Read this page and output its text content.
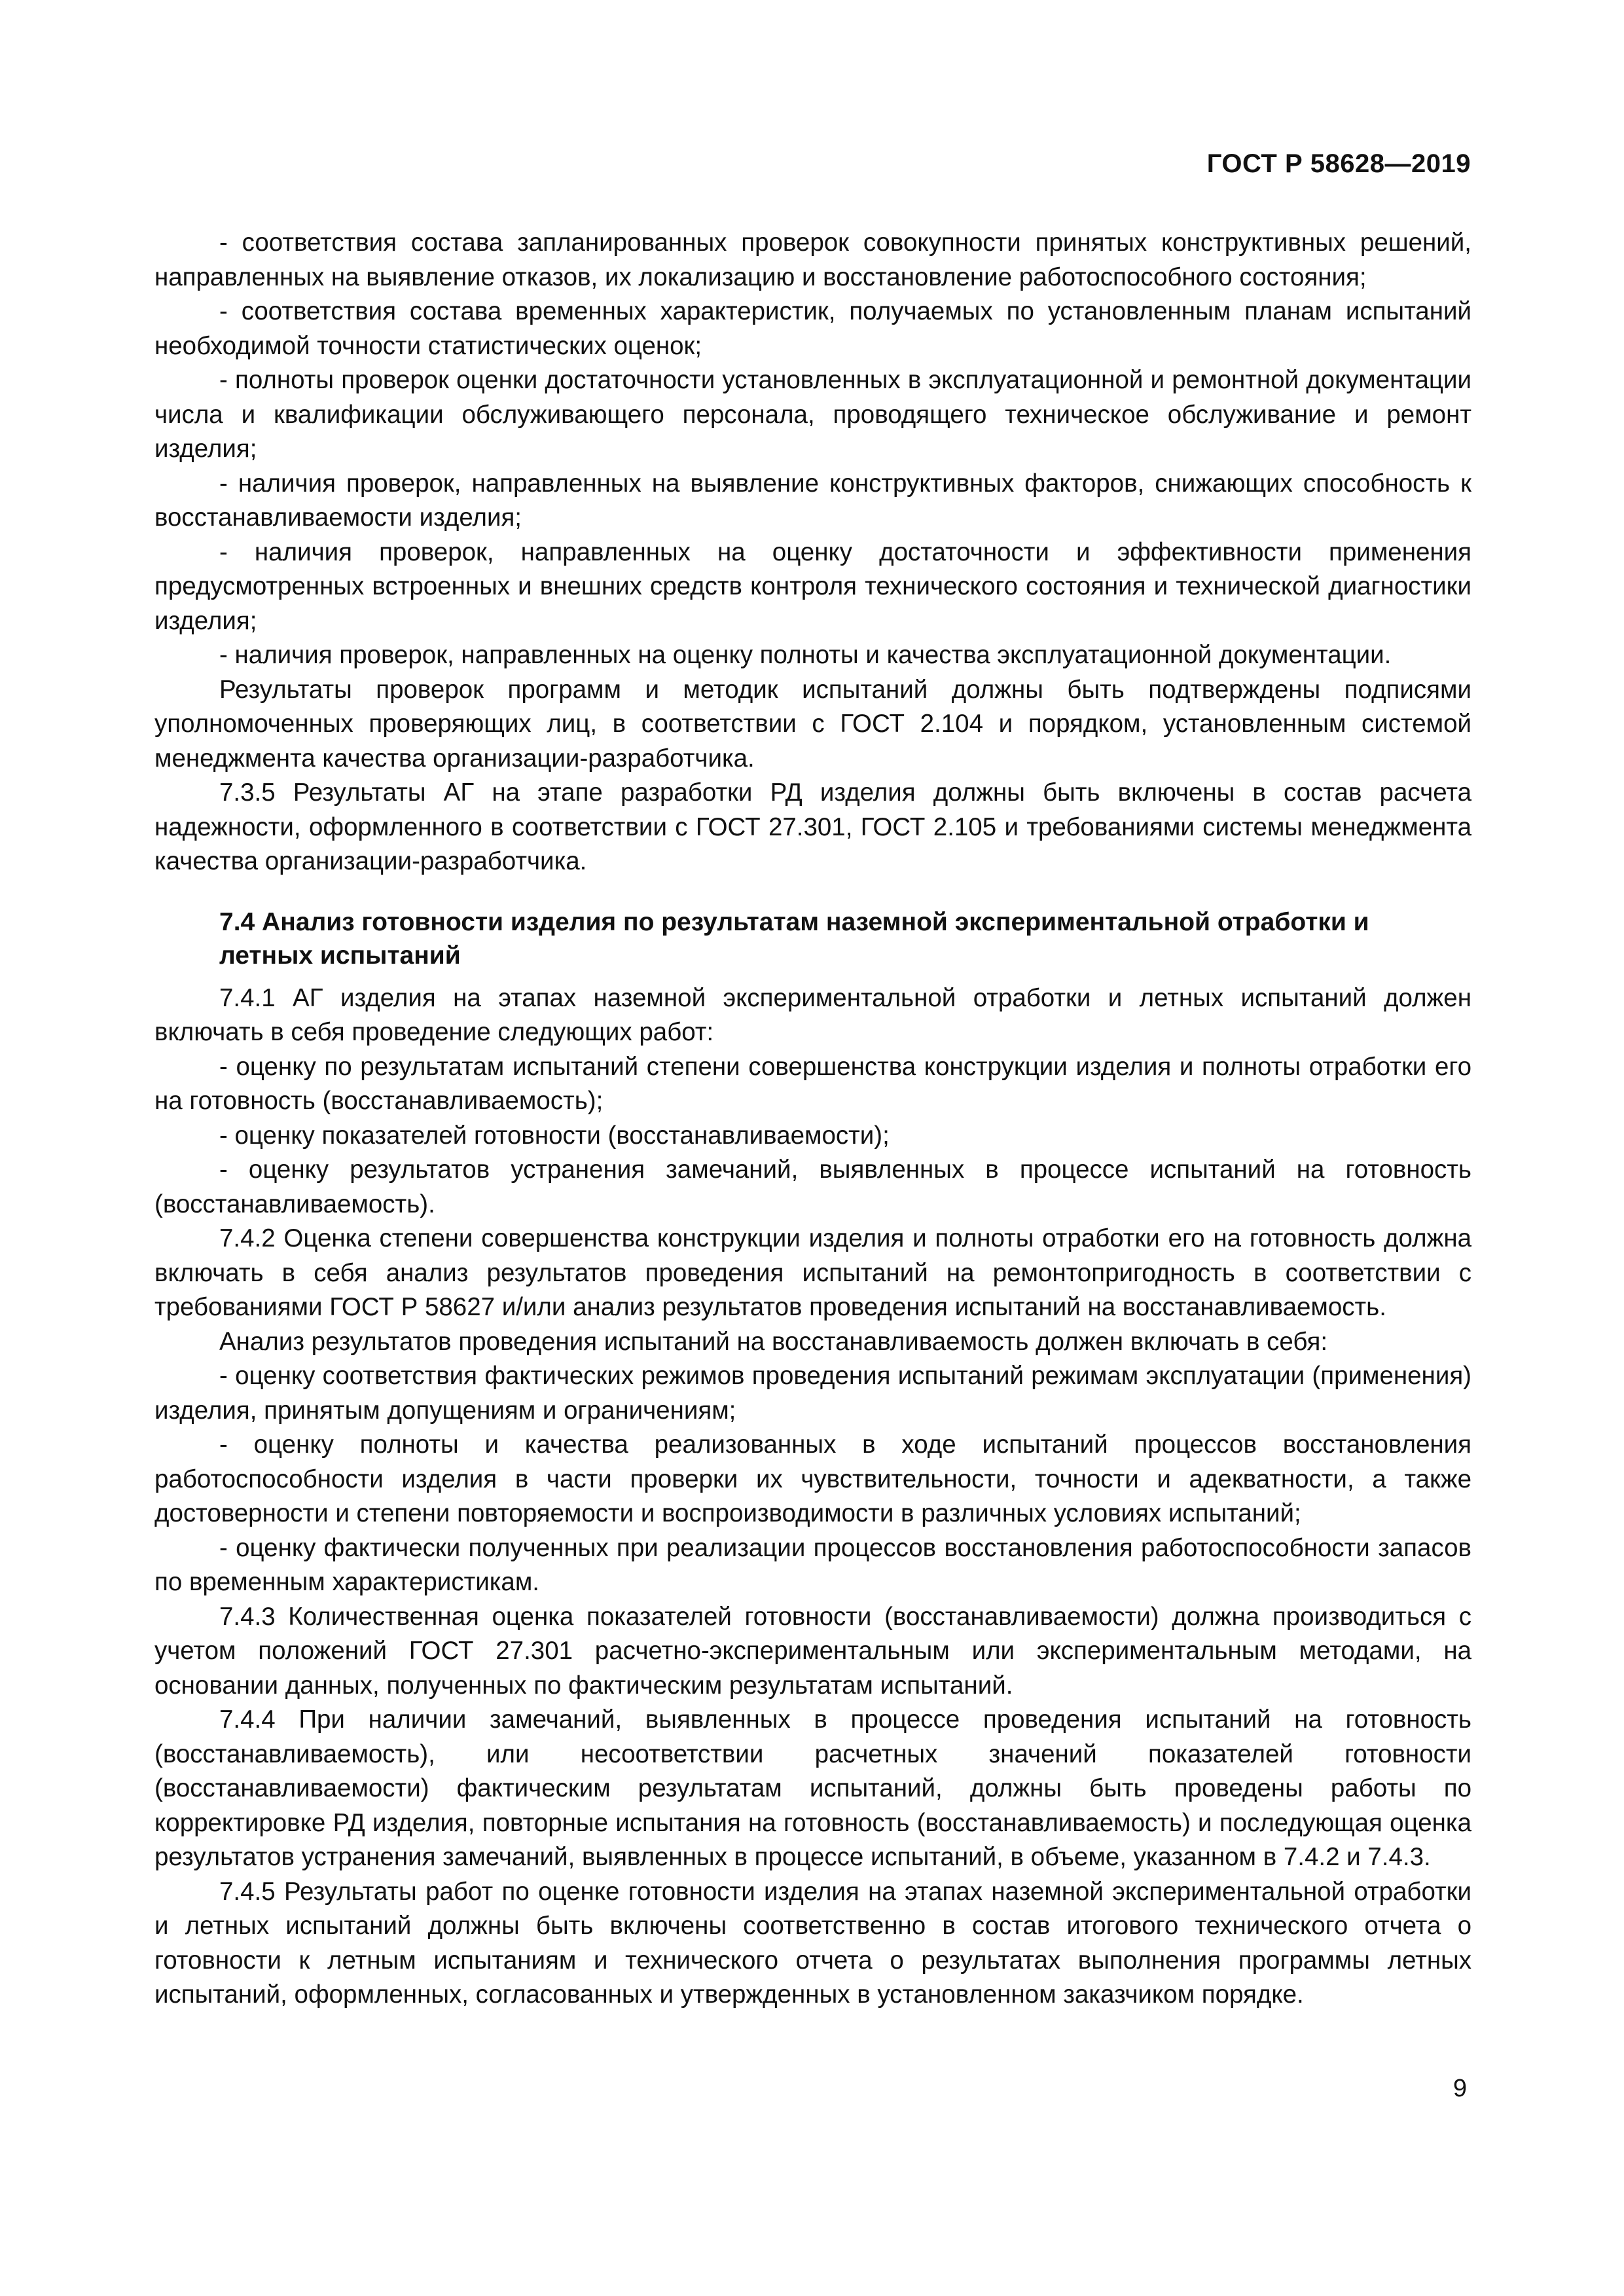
ГОСТ Р 58628—2019

- соответствия состава запланированных проверок совокупности принятых конструктивных решений, направленных на выявление отказов, их локализацию и восстановление работоспособного состояния;

- соответствия состава временных характеристик, получаемых по установленным планам испытаний необходимой точности статистических оценок;

- полноты проверок оценки достаточности установленных в эксплуатационной и ремонтной документации числа и квалификации обслуживающего персонала, проводящего техническое обслуживание и ремонт изделия;

- наличия проверок, направленных на выявление конструктивных факторов, снижающих способность к восстанавливаемости изделия;

- наличия проверок, направленных на оценку достаточности и эффективности применения предусмотренных встроенных и внешних средств контроля технического состояния и технической диагностики изделия;

- наличия проверок, направленных на оценку полноты и качества эксплуатационной документации.

Результаты проверок программ и методик испытаний должны быть подтверждены подписями уполномоченных проверяющих лиц, в соответствии с ГОСТ 2.104 и порядком, установленным системой менеджмента качества организации-разработчика.

7.3.5 Результаты АГ на этапе разработки РД изделия должны быть включены в состав расчета надежности, оформленного в соответствии с ГОСТ 27.301, ГОСТ 2.105 и требованиями системы менеджмента качества организации-разработчика.

7.4 Анализ готовности изделия по результатам наземной экспериментальной отработки и летных испытаний

7.4.1 АГ изделия на этапах наземной экспериментальной отработки и летных испытаний должен включать в себя проведение следующих работ:

- оценку по результатам испытаний степени совершенства конструкции изделия и полноты отработки его на готовность (восстанавливаемость);

- оценку показателей готовности (восстанавливаемости);

- оценку результатов устранения замечаний, выявленных в процессе испытаний на готовность (восстанавливаемость).

7.4.2 Оценка степени совершенства конструкции изделия и полноты отработки его на готовность должна включать в себя анализ результатов проведения испытаний на ремонтопригодность в соответствии с требованиями ГОСТ Р 58627 и/или анализ результатов проведения испытаний на восстанавливаемость.

Анализ результатов проведения испытаний на восстанавливаемость должен включать в себя:

- оценку соответствия фактических режимов проведения испытаний режимам эксплуатации (применения) изделия, принятым допущениям и ограничениям;

- оценку полноты и качества реализованных в ходе испытаний процессов восстановления работоспособности изделия в части проверки их чувствительности, точности и адекватности, а также достоверности и степени повторяемости и воспроизводимости в различных условиях испытаний;

- оценку фактически полученных при реализации процессов восстановления работоспособности запасов по временным характеристикам.

7.4.3 Количественная оценка показателей готовности (восстанавливаемости) должна производиться с учетом положений ГОСТ 27.301 расчетно-экспериментальным или экспериментальным методами, на основании данных, полученных по фактическим результатам испытаний.

7.4.4 При наличии замечаний, выявленных в процессе проведения испытаний на готовность (восстанавливаемость), или несоответствии расчетных значений показателей готовности (восстанавливаемости) фактическим результатам испытаний, должны быть проведены работы по корректировке РД изделия, повторные испытания на готовность (восстанавливаемость) и последующая оценка результатов устранения замечаний, выявленных в процессе испытаний, в объеме, указанном в 7.4.2 и 7.4.3.

7.4.5 Результаты работ по оценке готовности изделия на этапах наземной экспериментальной отработки и летных испытаний должны быть включены соответственно в состав итогового технического отчета о готовности к летным испытаниям и технического отчета о результатах выполнения программы летных испытаний, оформленных, согласованных и утвержденных в установленном заказчиком порядке.

9
